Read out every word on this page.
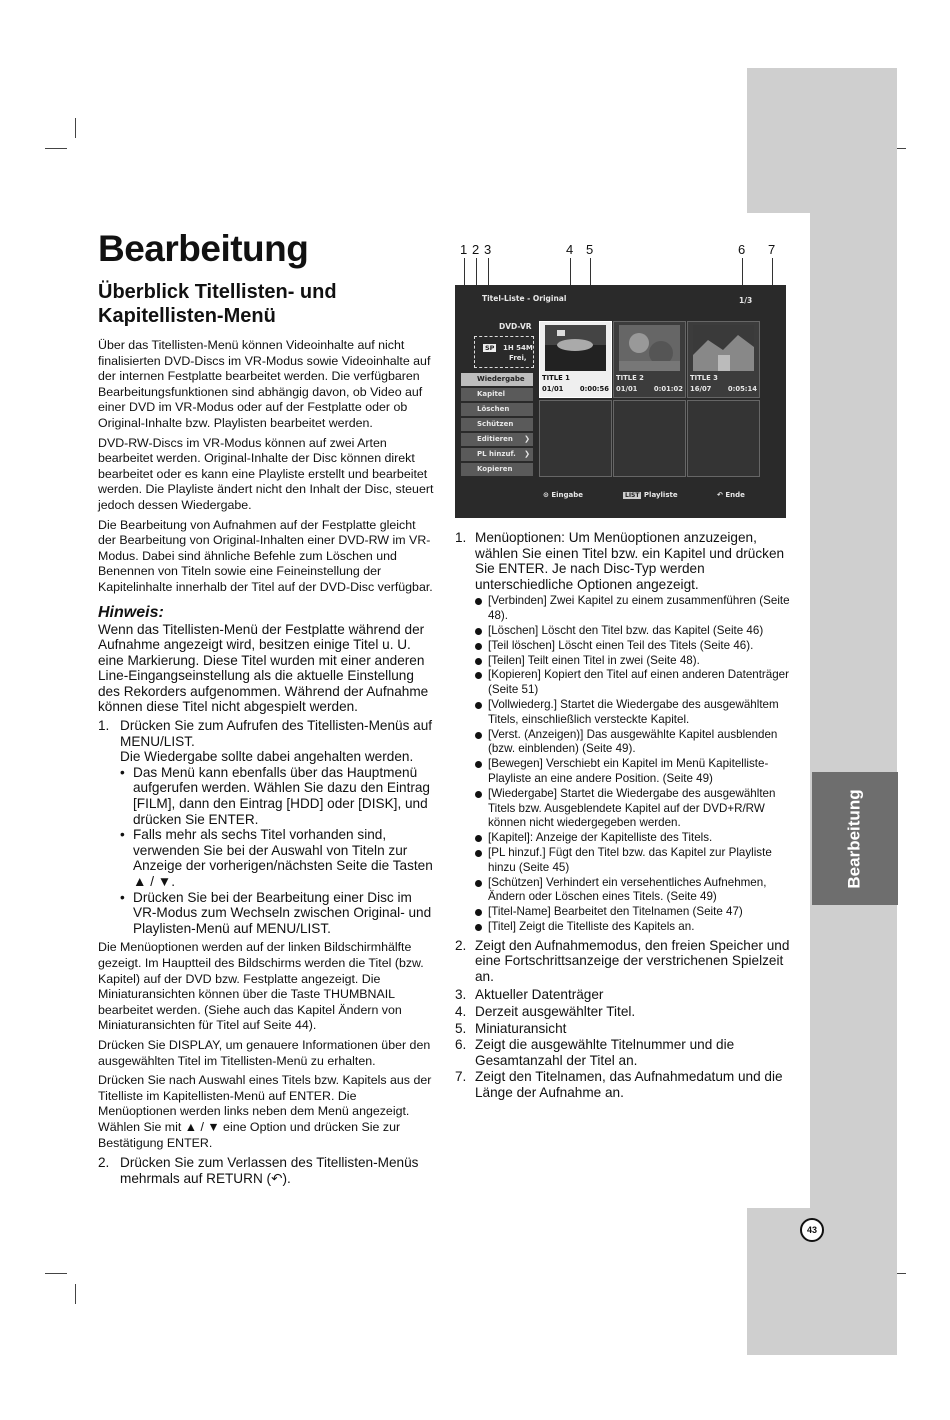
Bearbeitung
43
Bearbeitung
Überblick Titellisten- und Kapitellisten-Menü

Über das Titellisten-Menü können Videoinhalte auf nicht finalisierten DVD-Discs im VR-Modus sowie Videoinhalte auf der internen Festplatte bearbeitet werden. Die verfügbaren Bearbeitungsfunktionen sind abhängig davon, ob Video auf einer DVD im VR-Modus oder auf der Festplatte oder ob Original-Inhalte bzw. Playlisten bearbeitet werden.

DVD-RW-Discs im VR-Modus können auf zwei Arten bearbeitet werden. Original-Inhalte der Disc können direkt bearbeitet oder es kann eine Playliste erstellt und bearbeitet werden. Die Playliste ändert nicht den Inhalt der Disc, steuert jedoch dessen Wiedergabe.

Die Bearbeitung von Aufnahmen auf der Festplatte gleicht der Bearbeitung von Original-Inhalten einer DVD-RW im VR-Modus. Dabei sind ähnliche Befehle zum Löschen und Benennen von Titeln sowie eine Feineinstellung der Kapitelinhalte innerhalb der Titel auf der DVD-Disc verfügbar.

Hinweis:

Wenn das Titellisten-Menü der Festplatte während der Aufnahme angezeigt wird, besitzen einige Titel u. U. eine Markierung. Diese Titel wurden mit einer anderen Line-Eingangseinstellung als die aktuelle Einstellung des Rekorders aufgenommen. Während der Aufnahme können diese Titel nicht abgespielt werden.

1. Drücken Sie zum Aufrufen des Titellisten-Menüs auf MENU/LIST.
Die Wiedergabe sollte dabei angehalten werden.
• Das Menü kann ebenfalls über das Hauptmenü aufgerufen werden. Wählen Sie dazu den Eintrag [FILM], dann den Eintrag [HDD] oder [DISK], und drücken Sie ENTER.
• Falls mehr als sechs Titel vorhanden sind, verwenden Sie bei der Auswahl von Titeln zur Anzeige der vorherigen/nächsten Seite die Tasten ▲ / ▼.
• Drücken Sie bei der Bearbeitung einer Disc im VR-Modus zum Wechseln zwischen Original- und Playlisten-Menü auf MENU/LIST.

Die Menüoptionen werden auf der linken Bildschirmhälfte gezeigt. Im Hauptteil des Bildschirms werden die Titel (bzw. Kapitel) auf der DVD bzw. Festplatte angezeigt. Die Miniaturansichten können über die Taste THUMBNAIL bearbeitet werden. (Siehe auch das Kapitel Ändern von Miniaturansichten für Titel auf Seite 44).

Drücken Sie DISPLAY, um genauere Informationen über den ausgewählten Titel im Titellisten-Menü zu erhalten.

Drücken Sie nach Auswahl eines Titels bzw. Kapitels aus der Titelliste im Kapitellisten-Menü auf ENTER. Die Menüoptionen werden links neben dem Menü angezeigt. Wählen Sie mit ▲ / ▼ eine Option und drücken Sie zur Bestätigung ENTER.

2. Drücken Sie zum Verlassen des Titellisten-Menüs mehrmals auf RETURN (↶).
1 2 3	4 5	6 7
Titel-Liste - Original	1/3
DVD-VR
SP 1H 54M
Frei,
Wiedergabe
Kapitel
Löschen
Schützen
Editieren ❯
PL hinzuf. ❯
Kopieren
TITLE 1
01/01 0:00:56
TITLE 2
01/01 0:01:02
TITLE 3
16/07 0:05:14
⊙ Eingabe	LIST Playliste	↶ Ende
1. Menüoptionen: Um Menüoptionen anzuzeigen, wählen Sie einen Titel bzw. ein Kapitel und drücken Sie ENTER. Je nach Disc-Typ werden unterschiedliche Optionen angezeigt.
[Verbinden] Zwei Kapitel zu einem zusammenführen (Seite 48).
[Löschen] Löscht den Titel bzw. das Kapitel (Seite 46)
[Teil löschen] Löscht einen Teil des Titels (Seite 46).
[Teilen] Teilt einen Titel in zwei (Seite 48).
[Kopieren] Kopiert den Titel auf einen anderen Datenträger (Seite 51)
[Vollwiederg.] Startet die Wiedergabe des ausgewähltem Titels, einschließlich versteckte Kapitel.
[Verst. (Anzeigen)] Das ausgewählte Kapitel ausblenden (bzw. einblenden) (Seite 49).
[Bewegen] Verschiebt ein Kapitel im Menü Kapitelliste-Playliste an eine andere Position. (Seite 49)
[Wiedergabe] Startet die Wiedergabe des ausgewählten Titels bzw. Ausgeblendete Kapitel auf der DVD+R/RW können nicht wiedergegeben werden.
[Kapitel]: Anzeige der Kapitelliste des Titels.
[PL hinzuf.] Fügt den Titel bzw. das Kapitel zur Playliste hinzu (Seite 45)
[Schützen] Verhindert ein versehentliches Aufnehmen, Ändern oder Löschen eines Titels. (Seite 49)
[Titel-Name] Bearbeitet den Titelnamen (Seite 47)
[Titel] Zeigt die Titelliste des Kapitels an.
2. Zeigt den Aufnahmemodus, den freien Speicher und eine Fortschrittsanzeige der verstrichenen Spielzeit an.
3. Aktueller Datenträger
4. Derzeit ausgewählter Titel.
5. Miniaturansicht
6. Zeigt die ausgewählte Titelnummer und die Gesamtanzahl der Titel an.
7. Zeigt den Titelnamen, das Aufnahmedatum und die Länge der Aufnahme an.
